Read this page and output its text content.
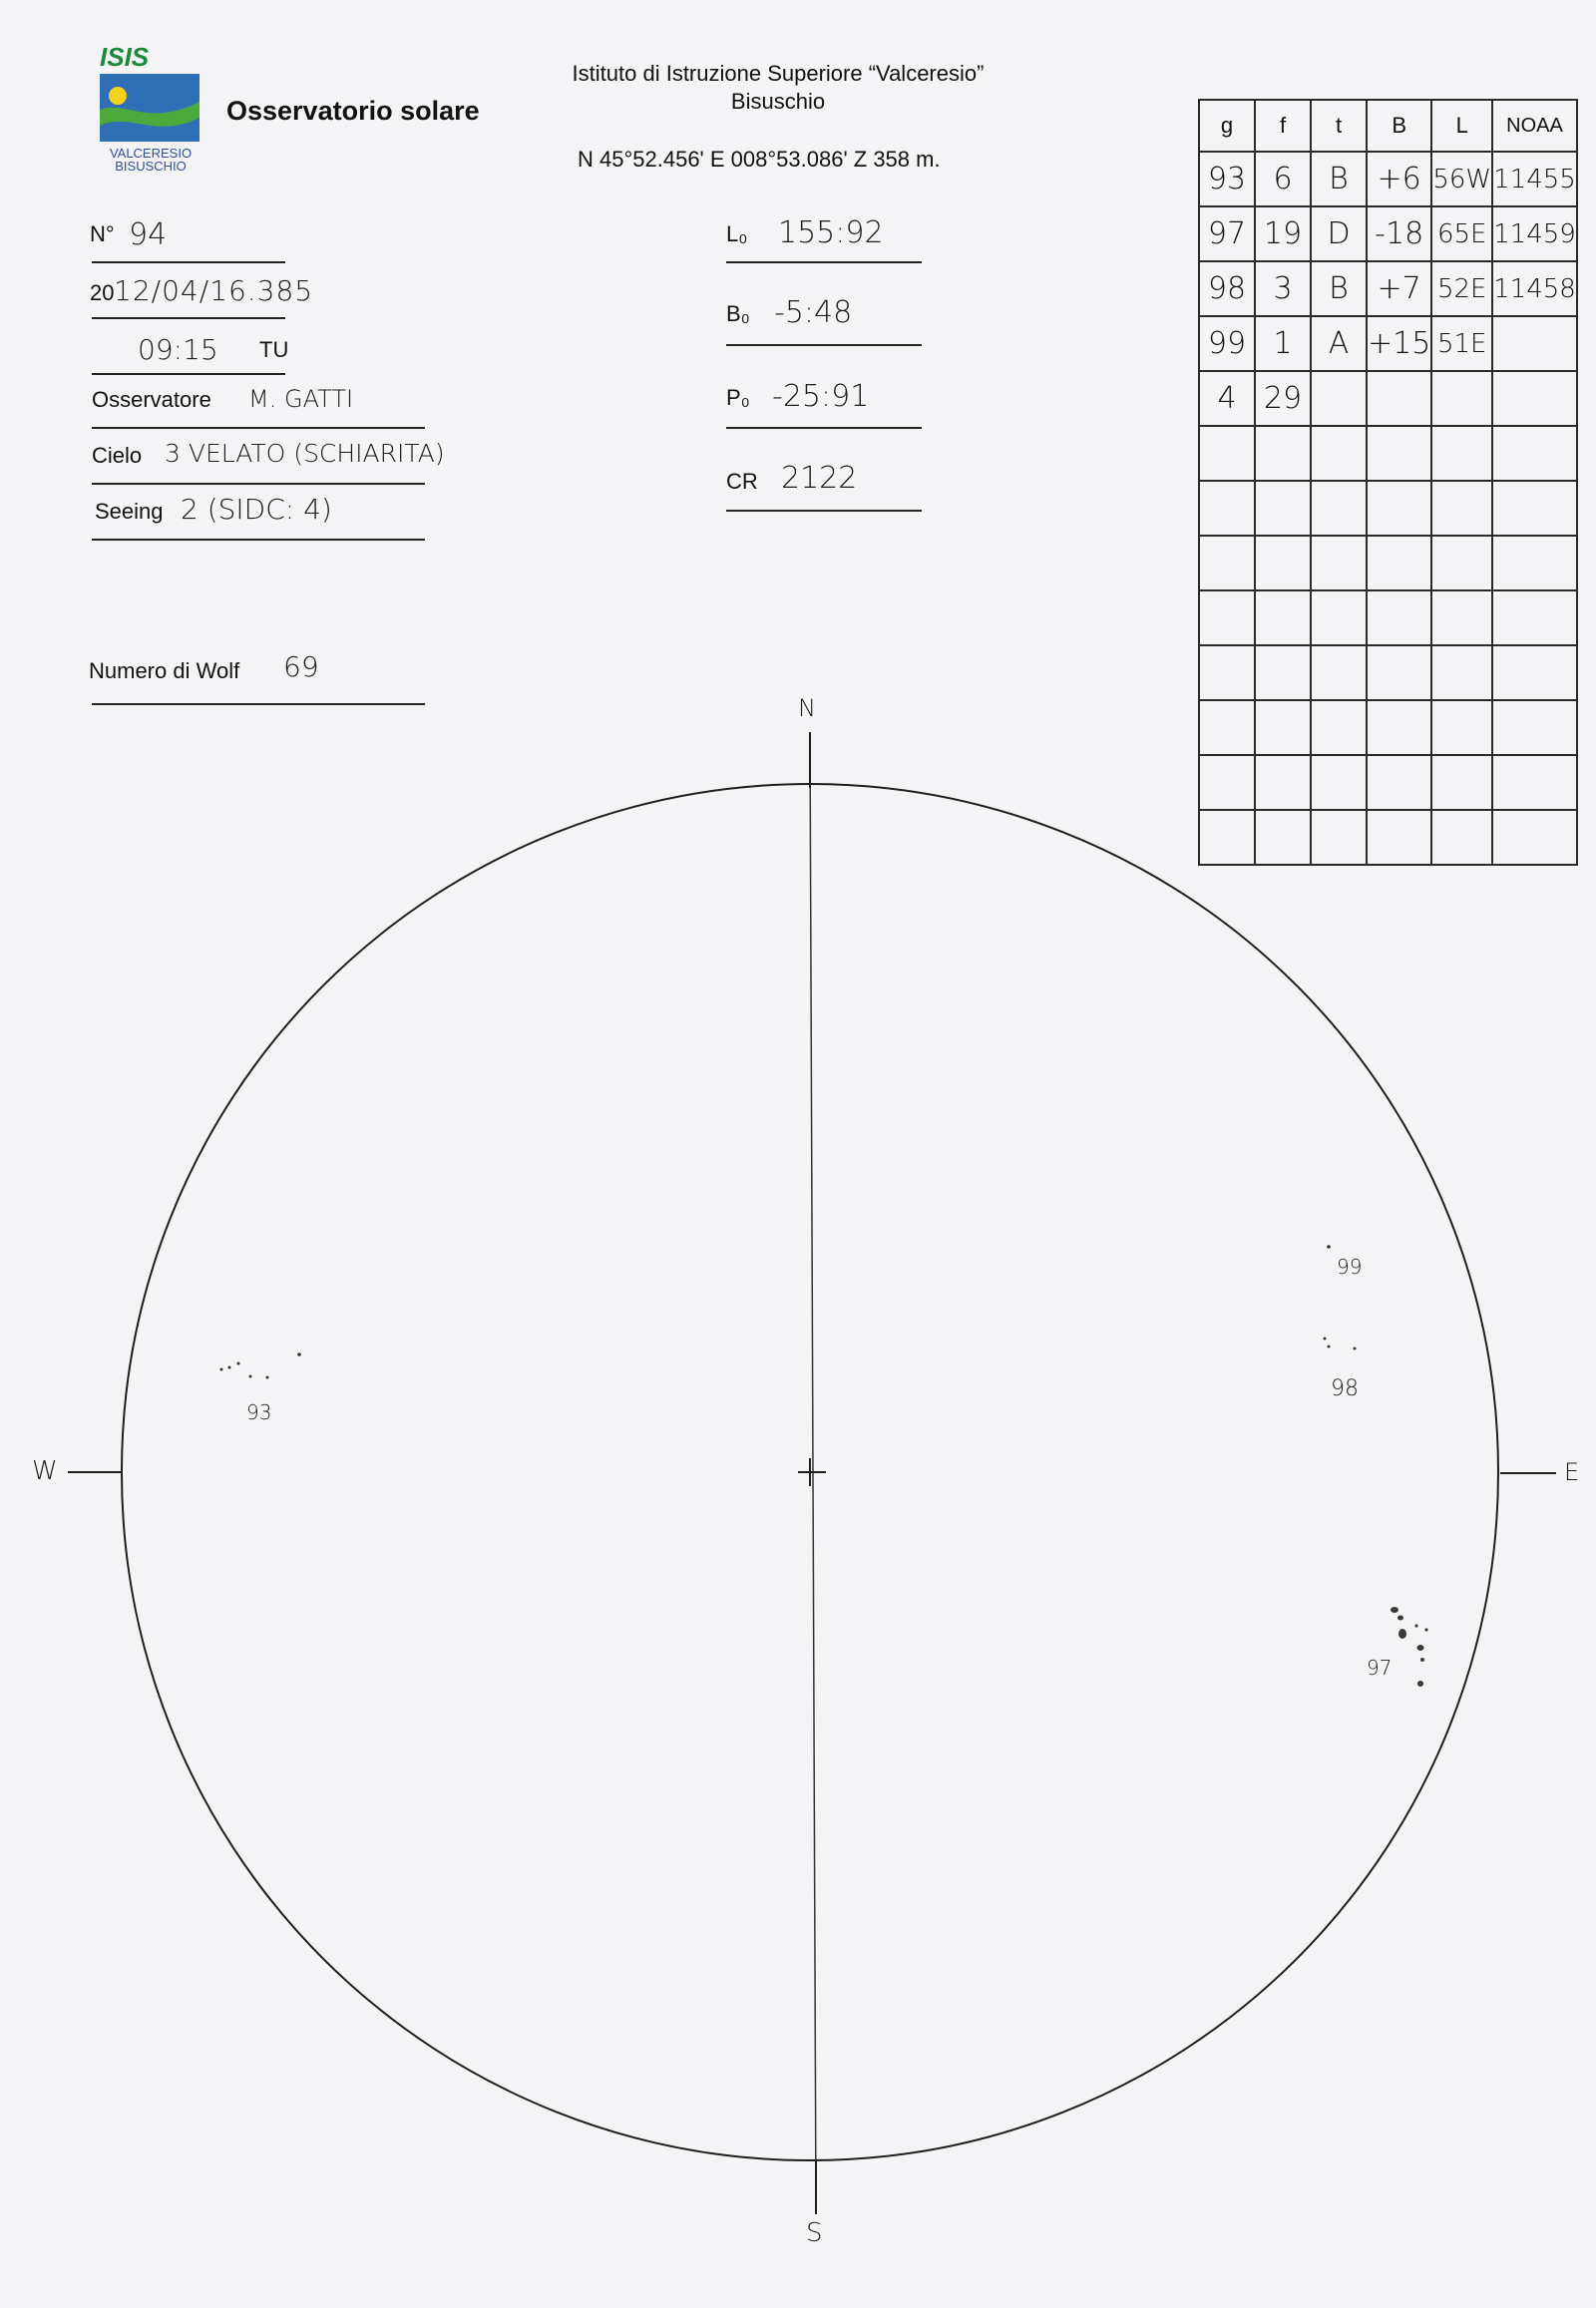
ISIS
VALCERESIO
BISUSCHIO
Osservatorio solare
Istituto di Istruzione Superiore “Valceresio”
Bisuschio
N 45°52.456' E 008°53.086' Z 358 m.
N° 94
20 12/04/16.385
09:15 TU
Osservatore M. GATTI
Cielo 3 VELATO (SCHIARITA)
Seeing 2 (SIDC: 4)
Numero di Wolf 69
L₀ 155:92
B₀ -5:48
P₀ -25:91
CR 2122
g	f	t	B	L	NOAA
93	6	B	+6	56W	11455
97	19	D	-18	65E	11459
98	3	B	+7	52E	11458
99	1	A	+15	51E	
4	29				

N
S
W	E
93
99
98
97
